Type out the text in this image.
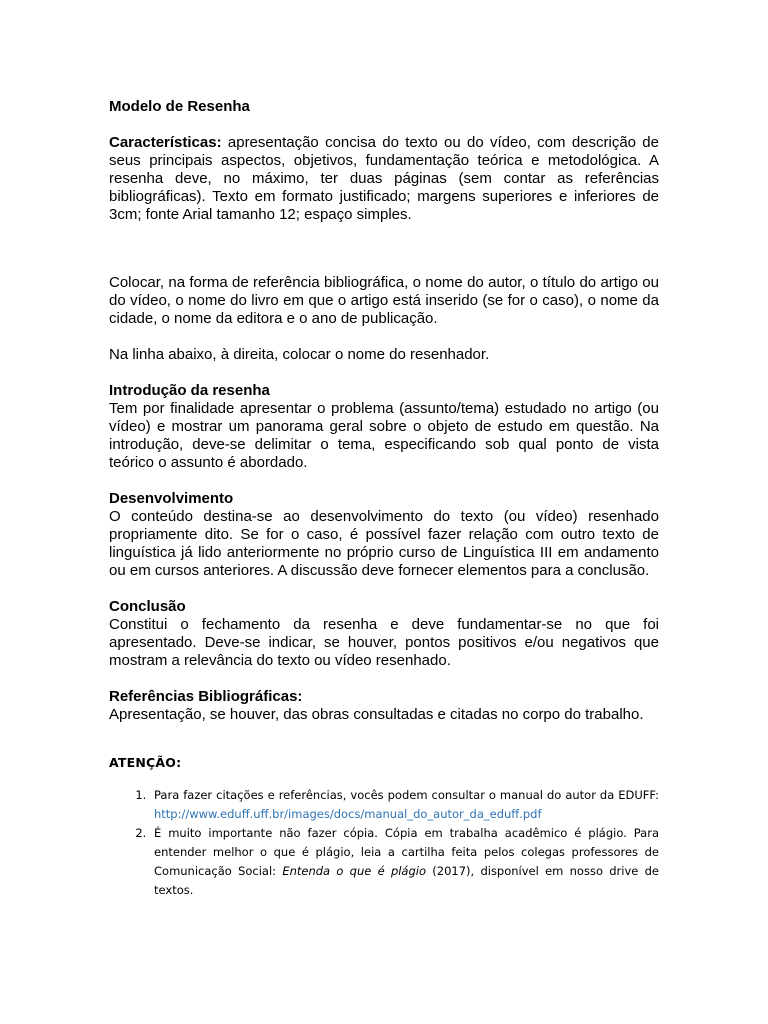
Modelo de Resenha

Características: apresentação concisa do texto ou do vídeo, com descrição de seus principais aspectos, objetivos, fundamentação teórica e metodológica. A resenha deve, no máximo, ter duas páginas (sem contar as referências bibliográficas). Texto em formato justificado; margens superiores e inferiores de 3cm; fonte Arial tamanho 12; espaço simples.

Colocar, na forma de referência bibliográfica, o nome do autor, o título do artigo ou do vídeo, o nome do livro em que o artigo está inserido (se for o caso), o nome da cidade, o nome da editora e o ano de publicação.

Na linha abaixo, à direita, colocar o nome do resenhador.

Introdução da resenha

Tem por finalidade apresentar o problema (assunto/tema) estudado no artigo (ou vídeo) e mostrar um panorama geral sobre o objeto de estudo em questão. Na introdução, deve-se delimitar o tema, especificando sob qual ponto de vista teórico o assunto é abordado.

Desenvolvimento

O conteúdo destina-se ao desenvolvimento do texto (ou vídeo) resenhado propriamente dito. Se for o caso, é possível fazer relação com outro texto de linguística já lido anteriormente no próprio curso de Linguística III em andamento ou em cursos anteriores. A discussão deve fornecer elementos para a conclusão.

Conclusão

Constitui o fechamento da resenha e deve fundamentar-se no que foi apresentado. Deve-se indicar, se houver, pontos positivos e/ou negativos que mostram a relevância do texto ou vídeo resenhado.

Referências Bibliográficas:

Apresentação, se houver, das obras consultadas e citadas no corpo do trabalho.

ATENÇÃO:

1. Para fazer citações e referências, vocês podem consultar o manual do autor da EDUFF: http://www.eduff.uff.br/images/docs/manual_do_autor_da_eduff.pdf
2. É muito importante não fazer cópia. Cópia em trabalha acadêmico é plágio. Para entender melhor o que é plágio, leia a cartilha feita pelos colegas professores de Comunicação Social: Entenda o que é plágio (2017), disponível em nosso drive de textos.
